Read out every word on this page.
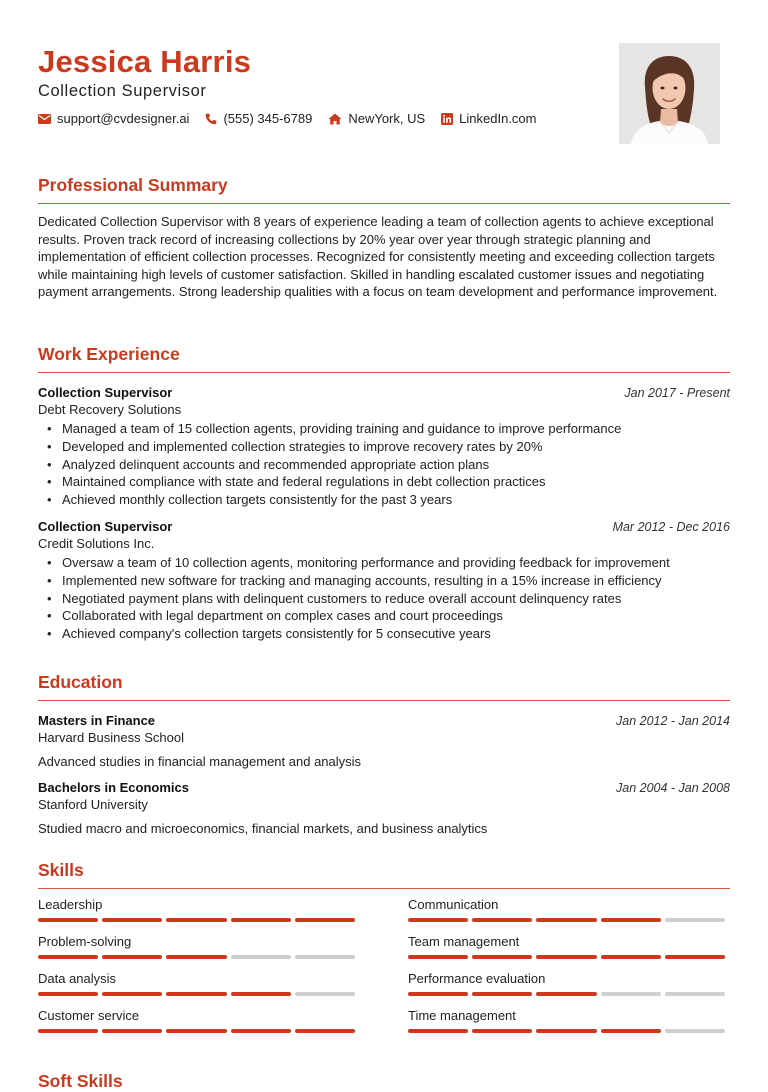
Jessica Harris
Collection Supervisor
support@cvdesigner.ai	(555) 345-6789	NewYork, US	LinkedIn.com
Professional Summary
Dedicated Collection Supervisor with 8 years of experience leading a team of collection agents to achieve exceptional results. Proven track record of increasing collections by 20% year over year through strategic planning and implementation of efficient collection processes. Recognized for consistently meeting and exceeding collection targets while maintaining high levels of customer satisfaction. Skilled in handling escalated customer issues and negotiating payment arrangements. Strong leadership qualities with a focus on team development and performance improvement.
Work Experience
Collection Supervisor	Jan 2017 - Present
Debt Recovery Solutions
• Managed a team of 15 collection agents, providing training and guidance to improve performance
• Developed and implemented collection strategies to improve recovery rates by 20%
• Analyzed delinquent accounts and recommended appropriate action plans
• Maintained compliance with state and federal regulations in debt collection practices
• Achieved monthly collection targets consistently for the past 3 years
Collection Supervisor	Mar 2012 - Dec 2016
Credit Solutions Inc.
• Oversaw a team of 10 collection agents, monitoring performance and providing feedback for improvement
• Implemented new software for tracking and managing accounts, resulting in a 15% increase in efficiency
• Negotiated payment plans with delinquent customers to reduce overall account delinquency rates
• Collaborated with legal department on complex cases and court proceedings
• Achieved company's collection targets consistently for 5 consecutive years
Education
Masters in Finance	Jan 2012 - Jan 2014
Harvard Business School
Advanced studies in financial management and analysis
Bachelors in Economics	Jan 2004 - Jan 2008
Stanford University
Studied macro and microeconomics, financial markets, and business analytics
Skills
Leadership	Communication
Problem-solving	Team management
Data analysis	Performance evaluation
Customer service	Time management
Soft Skills
